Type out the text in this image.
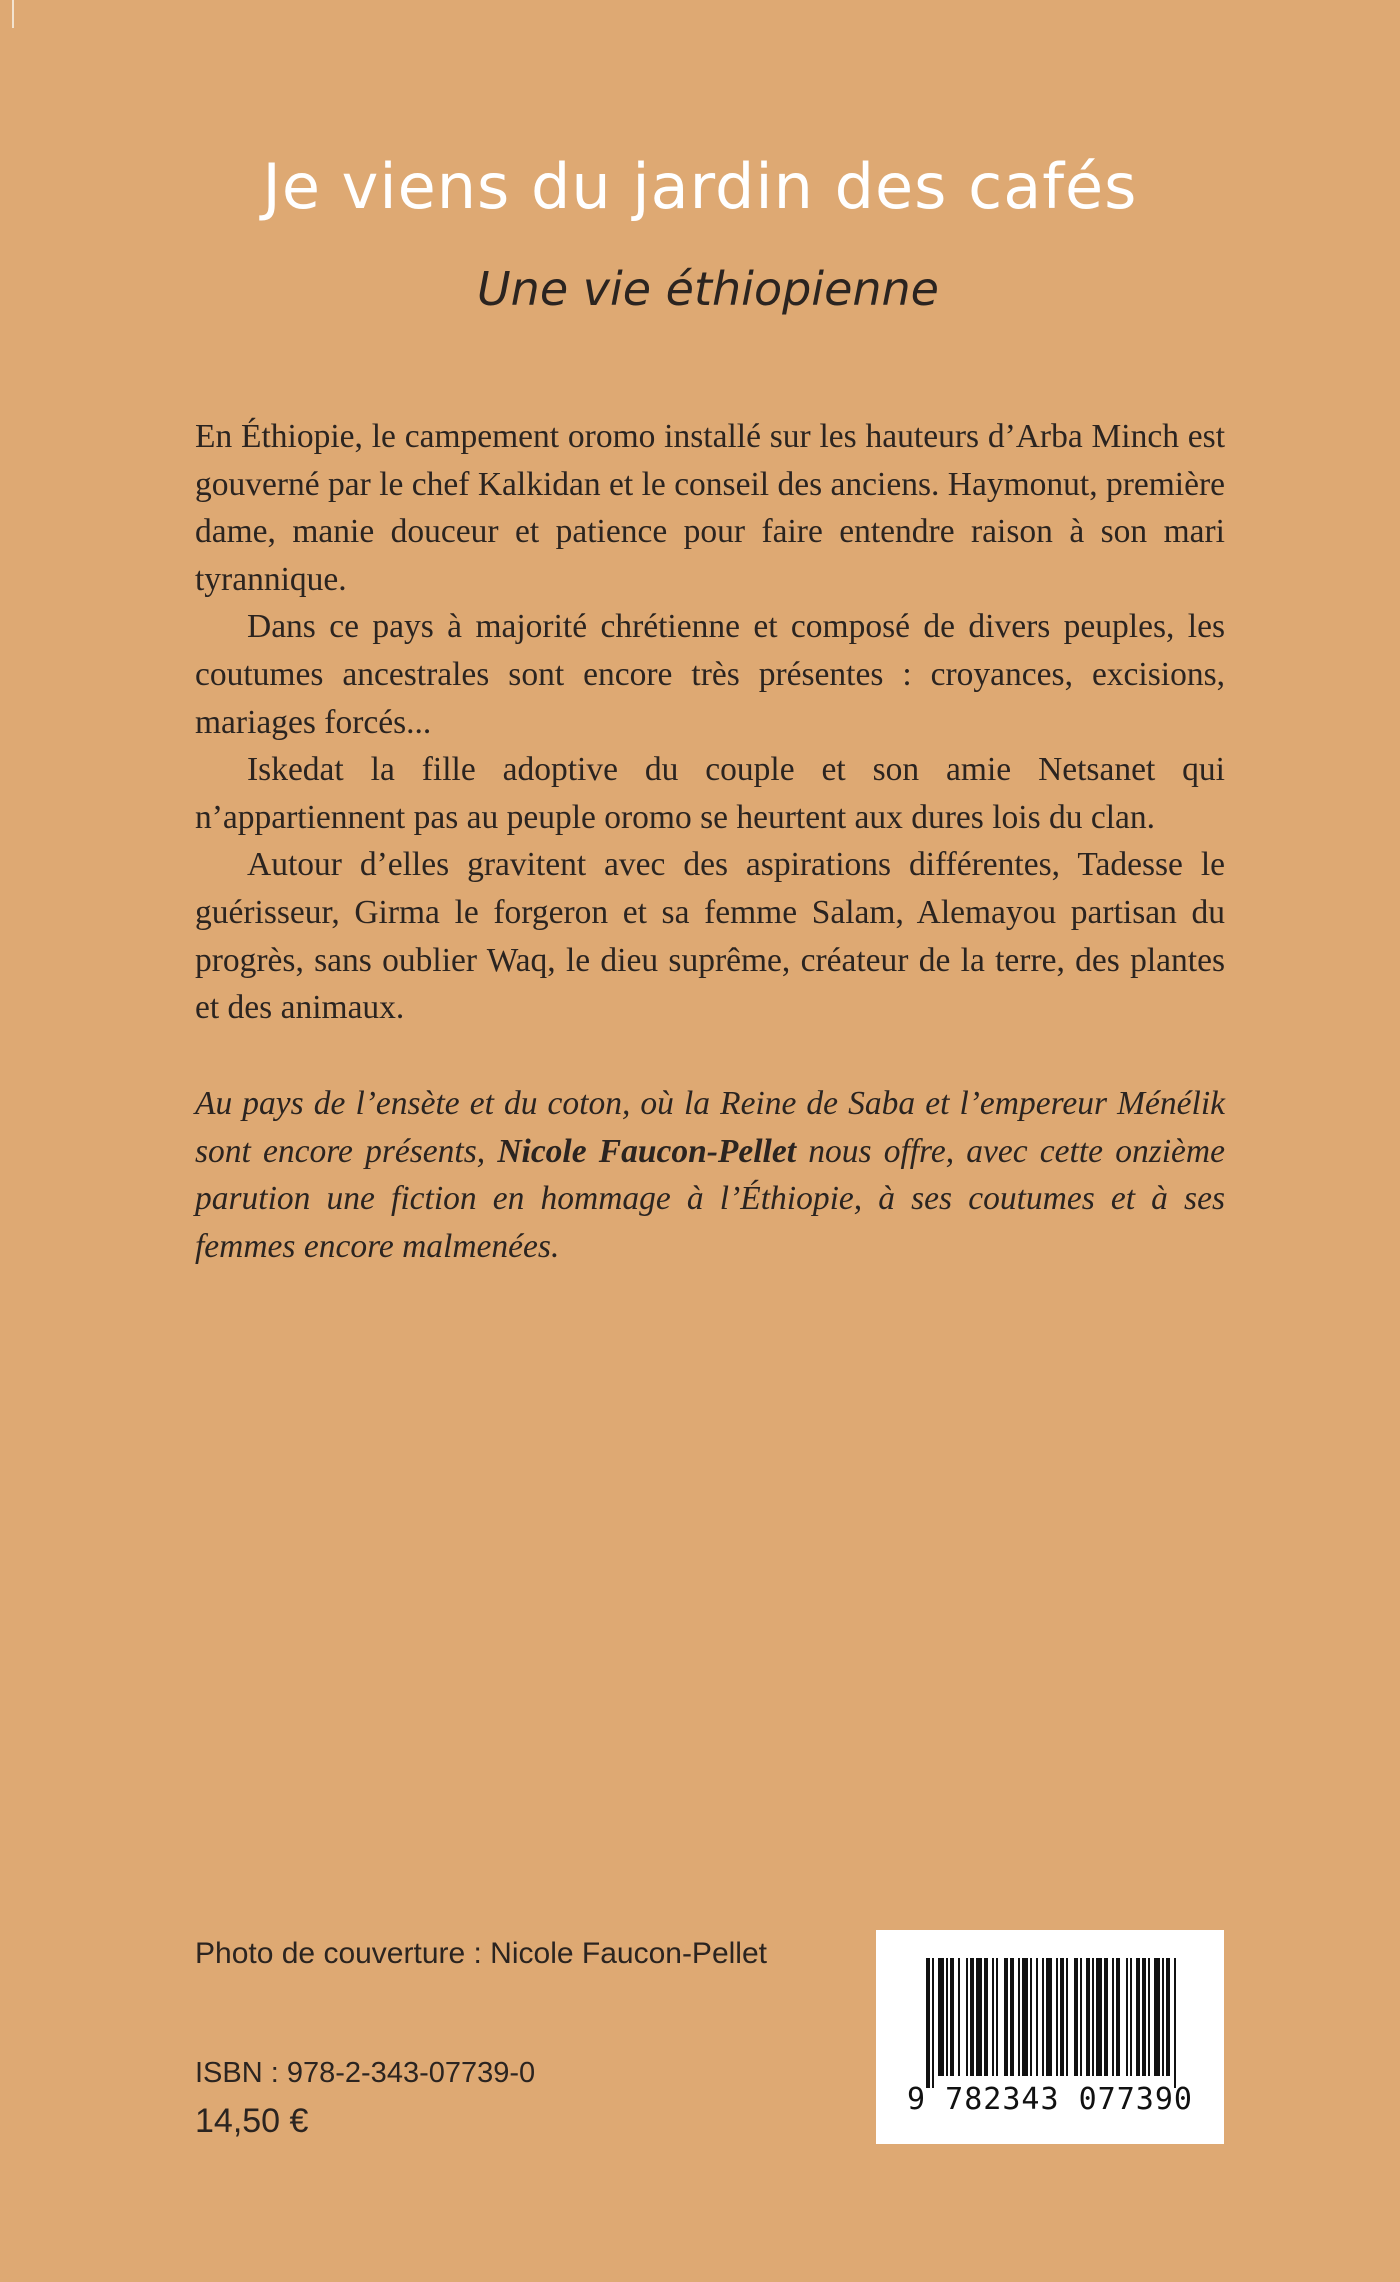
Je viens du jardin des cafés
Une vie éthiopienne

En Éthiopie, le campement oromo installé sur les hauteurs d’Arba Minch est gouverné par le chef Kalkidan et le conseil des anciens. Haymonut, première dame, manie douceur et patience pour faire entendre raison à son mari tyrannique.

Dans ce pays à majorité chrétienne et composé de divers peuples, les coutumes ancestrales sont encore très présentes : croyances, excisions, mariages forcés...

Iskedat la fille adoptive du couple et son amie Netsanet qui n’appartiennent pas au peuple oromo se heurtent aux dures lois du clan.

Autour d’elles gravitent avec des aspirations différentes, Tadesse le guérisseur, Girma le forgeron et sa femme Salam, Alemayou partisan du progrès, sans oublier Waq, le dieu suprême, créateur de la terre, des plantes et des animaux.

Au pays de l’ensète et du coton, où la Reine de Saba et l’empereur Ménélik sont encore présents, Nicole Faucon-Pellet nous offre, avec cette onzième parution une fiction en hommage à l’Éthiopie, à ses coutumes et à ses femmes encore malmenées.
Photo de couverture : Nicole Faucon-Pellet
ISBN : 978-2-343-07739-0
14,50 €
9 782343 077390
